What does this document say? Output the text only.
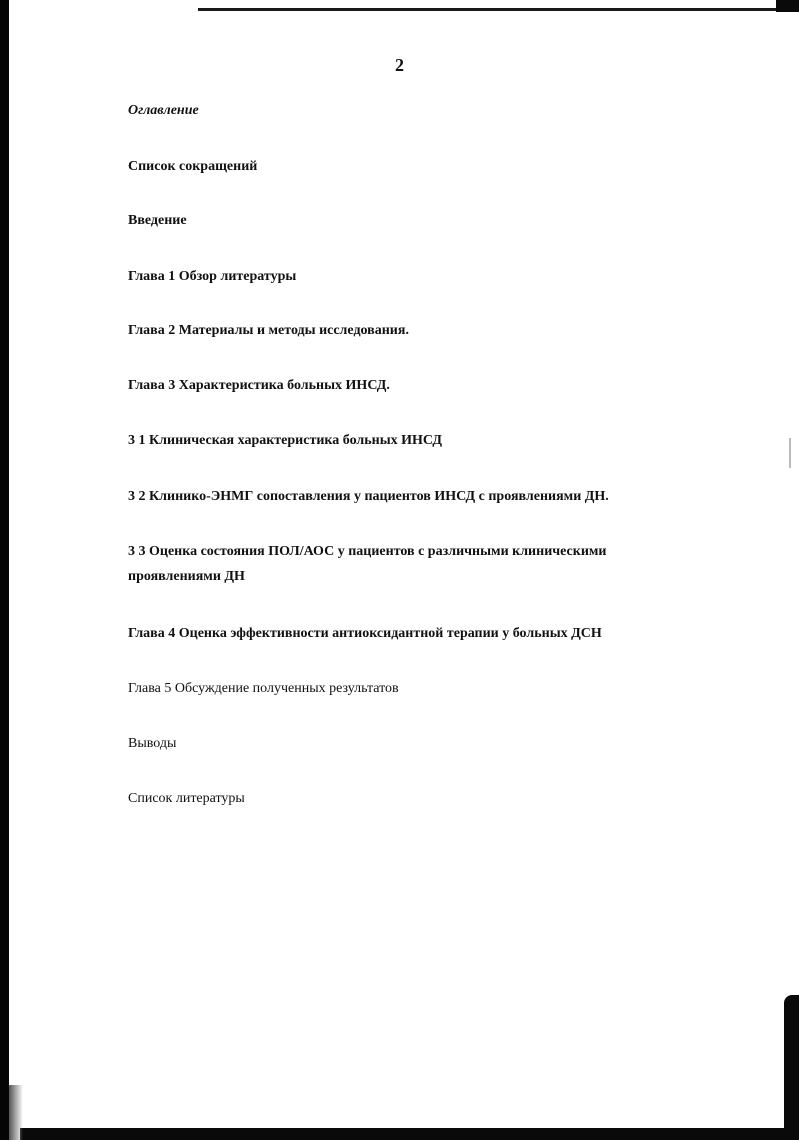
2
Оглавление
Список сокращений
Введение
Глава 1 Обзор литературы
Глава 2 Материалы и методы исследования.
Глава 3 Характеристика больных ИНСД.
3 1 Клиническая характеристика больных ИНСД
3 2 Клинико-ЭНМГ сопоставления у пациентов ИНСД с проявлениями ДН.
3 3 Оценка состояния ПОЛ/АОС у пациентов с различными клиническими
проявлениями ДН
Глава 4 Оценка эффективности антиоксидантной терапии у больных ДСН
Глава 5 Обсуждение полученных результатов
Выводы
Список литературы
